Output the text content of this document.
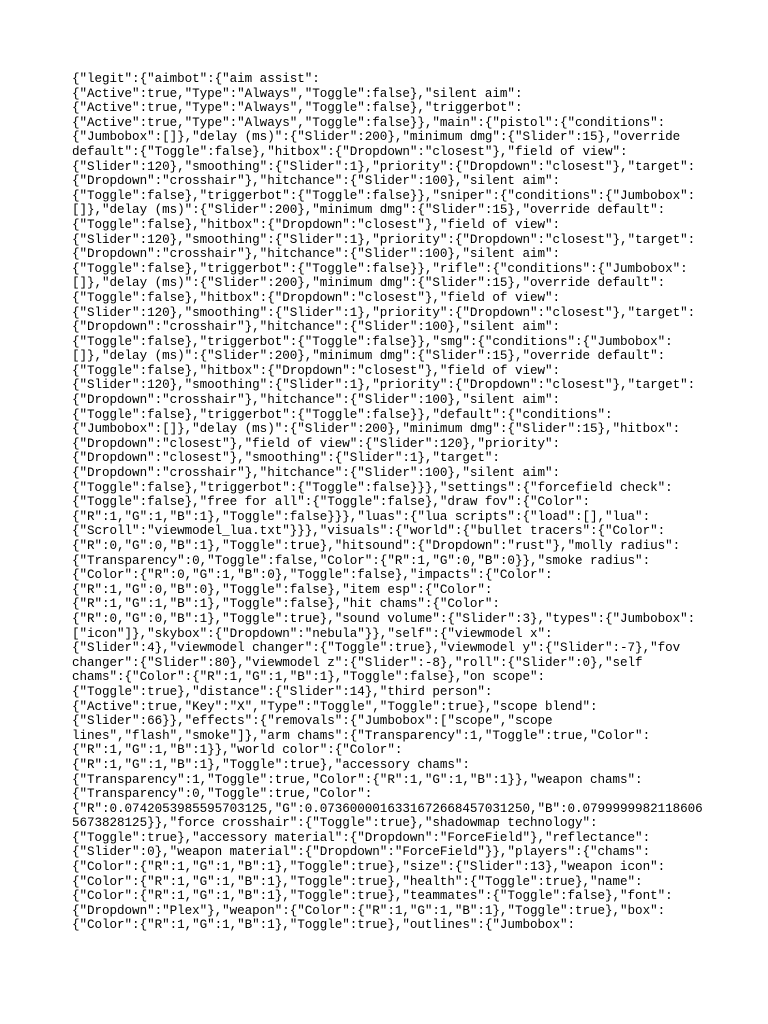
{"legit":{"aimbot":{"aim assist":
{"Active":true,"Type":"Always","Toggle":false},"silent aim":
{"Active":true,"Type":"Always","Toggle":false},"triggerbot":
{"Active":true,"Type":"Always","Toggle":false}},"main":{"pistol":{"conditions":
{"Jumbobox":[]},"delay (ms)":{"Slider":200},"minimum dmg":{"Slider":15},"override
default":{"Toggle":false},"hitbox":{"Dropdown":"closest"},"field of view":
{"Slider":120},"smoothing":{"Slider":1},"priority":{"Dropdown":"closest"},"target":
{"Dropdown":"crosshair"},"hitchance":{"Slider":100},"silent aim":
{"Toggle":false},"triggerbot":{"Toggle":false}},"sniper":{"conditions":{"Jumbobox":
[]},"delay (ms)":{"Slider":200},"minimum dmg":{"Slider":15},"override default":
{"Toggle":false},"hitbox":{"Dropdown":"closest"},"field of view":
{"Slider":120},"smoothing":{"Slider":1},"priority":{"Dropdown":"closest"},"target":
{"Dropdown":"crosshair"},"hitchance":{"Slider":100},"silent aim":
{"Toggle":false},"triggerbot":{"Toggle":false}},"rifle":{"conditions":{"Jumbobox":
[]},"delay (ms)":{"Slider":200},"minimum dmg":{"Slider":15},"override default":
{"Toggle":false},"hitbox":{"Dropdown":"closest"},"field of view":
{"Slider":120},"smoothing":{"Slider":1},"priority":{"Dropdown":"closest"},"target":
{"Dropdown":"crosshair"},"hitchance":{"Slider":100},"silent aim":
{"Toggle":false},"triggerbot":{"Toggle":false}},"smg":{"conditions":{"Jumbobox":
[]},"delay (ms)":{"Slider":200},"minimum dmg":{"Slider":15},"override default":
{"Toggle":false},"hitbox":{"Dropdown":"closest"},"field of view":
{"Slider":120},"smoothing":{"Slider":1},"priority":{"Dropdown":"closest"},"target":
{"Dropdown":"crosshair"},"hitchance":{"Slider":100},"silent aim":
{"Toggle":false},"triggerbot":{"Toggle":false}},"default":{"conditions":
{"Jumbobox":[]},"delay (ms)":{"Slider":200},"minimum dmg":{"Slider":15},"hitbox":
{"Dropdown":"closest"},"field of view":{"Slider":120},"priority":
{"Dropdown":"closest"},"smoothing":{"Slider":1},"target":
{"Dropdown":"crosshair"},"hitchance":{"Slider":100},"silent aim":
{"Toggle":false},"triggerbot":{"Toggle":false}}},"settings":{"forcefield check":
{"Toggle":false},"free for all":{"Toggle":false},"draw fov":{"Color":
{"R":1,"G":1,"B":1},"Toggle":false}}},"luas":{"lua scripts":{"load":[],"lua":
{"Scroll":"viewmodel_lua.txt"}}},"visuals":{"world":{"bullet tracers":{"Color":
{"R":0,"G":0,"B":1},"Toggle":true},"hitsound":{"Dropdown":"rust"},"molly radius":
{"Transparency":0,"Toggle":false,"Color":{"R":1,"G":0,"B":0}},"smoke radius":
{"Color":{"R":0,"G":1,"B":0},"Toggle":false},"impacts":{"Color":
{"R":1,"G":0,"B":0},"Toggle":false},"item esp":{"Color":
{"R":1,"G":1,"B":1},"Toggle":false},"hit chams":{"Color":
{"R":0,"G":0,"B":1},"Toggle":true},"sound volume":{"Slider":3},"types":{"Jumbobox":
["icon"]},"skybox":{"Dropdown":"nebula"}},"self":{"viewmodel x":
{"Slider":4},"viewmodel changer":{"Toggle":true},"viewmodel y":{"Slider":-7},"fov
changer":{"Slider":80},"viewmodel z":{"Slider":-8},"roll":{"Slider":0},"self
chams":{"Color":{"R":1,"G":1,"B":1},"Toggle":false},"on scope":
{"Toggle":true},"distance":{"Slider":14},"third person":
{"Active":true,"Key":"X","Type":"Toggle","Toggle":true},"scope blend":
{"Slider":66}},"effects":{"removals":{"Jumbobox":["scope","scope
lines","flash","smoke"]},"arm chams":{"Transparency":1,"Toggle":true,"Color":
{"R":1,"G":1,"B":1}},"world color":{"Color":
{"R":1,"G":1,"B":1},"Toggle":true},"accessory chams":
{"Transparency":1,"Toggle":true,"Color":{"R":1,"G":1,"B":1}},"weapon chams":
{"Transparency":0,"Toggle":true,"Color":
{"R":0.0742053985595703125,"G":0.0736000016331672668457031250,"B":0.0799999982118606
5673828125}},"force crosshair":{"Toggle":true},"shadowmap technology":
{"Toggle":true},"accessory material":{"Dropdown":"ForceField"},"reflectance":
{"Slider":0},"weapon material":{"Dropdown":"ForceField"}},"players":{"chams":
{"Color":{"R":1,"G":1,"B":1},"Toggle":true},"size":{"Slider":13},"weapon icon":
{"Color":{"R":1,"G":1,"B":1},"Toggle":true},"health":{"Toggle":true},"name":
{"Color":{"R":1,"G":1,"B":1},"Toggle":true},"teammates":{"Toggle":false},"font":
{"Dropdown":"Plex"},"weapon":{"Color":{"R":1,"G":1,"B":1},"Toggle":true},"box":
{"Color":{"R":1,"G":1,"B":1},"Toggle":true},"outlines":{"Jumbobox":
